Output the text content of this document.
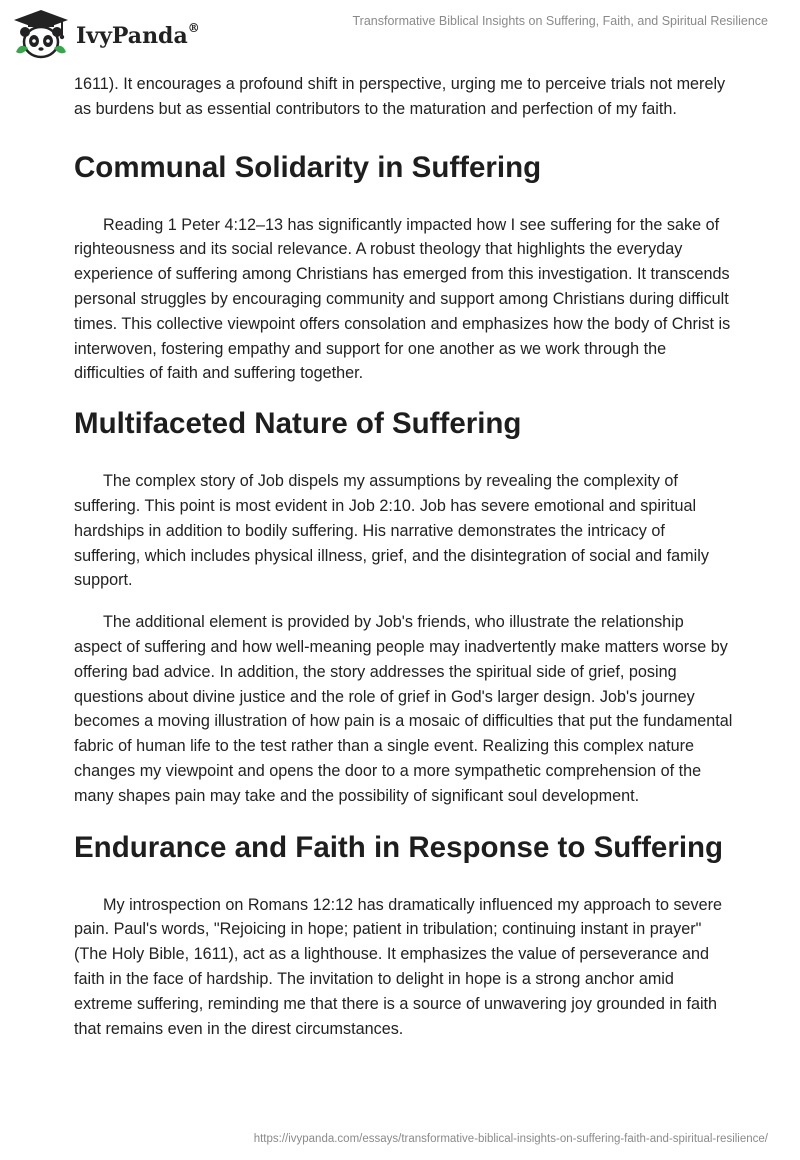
IvyPanda®	Transformative Biblical Insights on Suffering, Faith, and Spiritual Resilience

1611). It encourages a profound shift in perspective, urging me to perceive trials not merely as burdens but as essential contributors to the maturation and perfection of my faith.

Communal Solidarity in Suffering

Reading 1 Peter 4:12–13 has significantly impacted how I see suffering for the sake of righteousness and its social relevance. A robust theology that highlights the everyday experience of suffering among Christians has emerged from this investigation. It transcends personal struggles by encouraging community and support among Christians during difficult times. This collective viewpoint offers consolation and emphasizes how the body of Christ is interwoven, fostering empathy and support for one another as we work through the difficulties of faith and suffering together.

Multifaceted Nature of Suffering

The complex story of Job dispels my assumptions by revealing the complexity of suffering. This point is most evident in Job 2:10. Job has severe emotional and spiritual hardships in addition to bodily suffering. His narrative demonstrates the intricacy of suffering, which includes physical illness, grief, and the disintegration of social and family support.

The additional element is provided by Job's friends, who illustrate the relationship aspect of suffering and how well-meaning people may inadvertently make matters worse by offering bad advice. In addition, the story addresses the spiritual side of grief, posing questions about divine justice and the role of grief in God's larger design. Job's journey becomes a moving illustration of how pain is a mosaic of difficulties that put the fundamental fabric of human life to the test rather than a single event. Realizing this complex nature changes my viewpoint and opens the door to a more sympathetic comprehension of the many shapes pain may take and the possibility of significant soul development.

Endurance and Faith in Response to Suffering

My introspection on Romans 12:12 has dramatically influenced my approach to severe pain. Paul's words, "Rejoicing in hope; patient in tribulation; continuing instant in prayer" (The Holy Bible, 1611), act as a lighthouse. It emphasizes the value of perseverance and faith in the face of hardship. The invitation to delight in hope is a strong anchor amid extreme suffering, reminding me that there is a source of unwavering joy grounded in faith that remains even in the direst circumstances.

https://ivypanda.com/essays/transformative-biblical-insights-on-suffering-faith-and-spiritual-resilience/
